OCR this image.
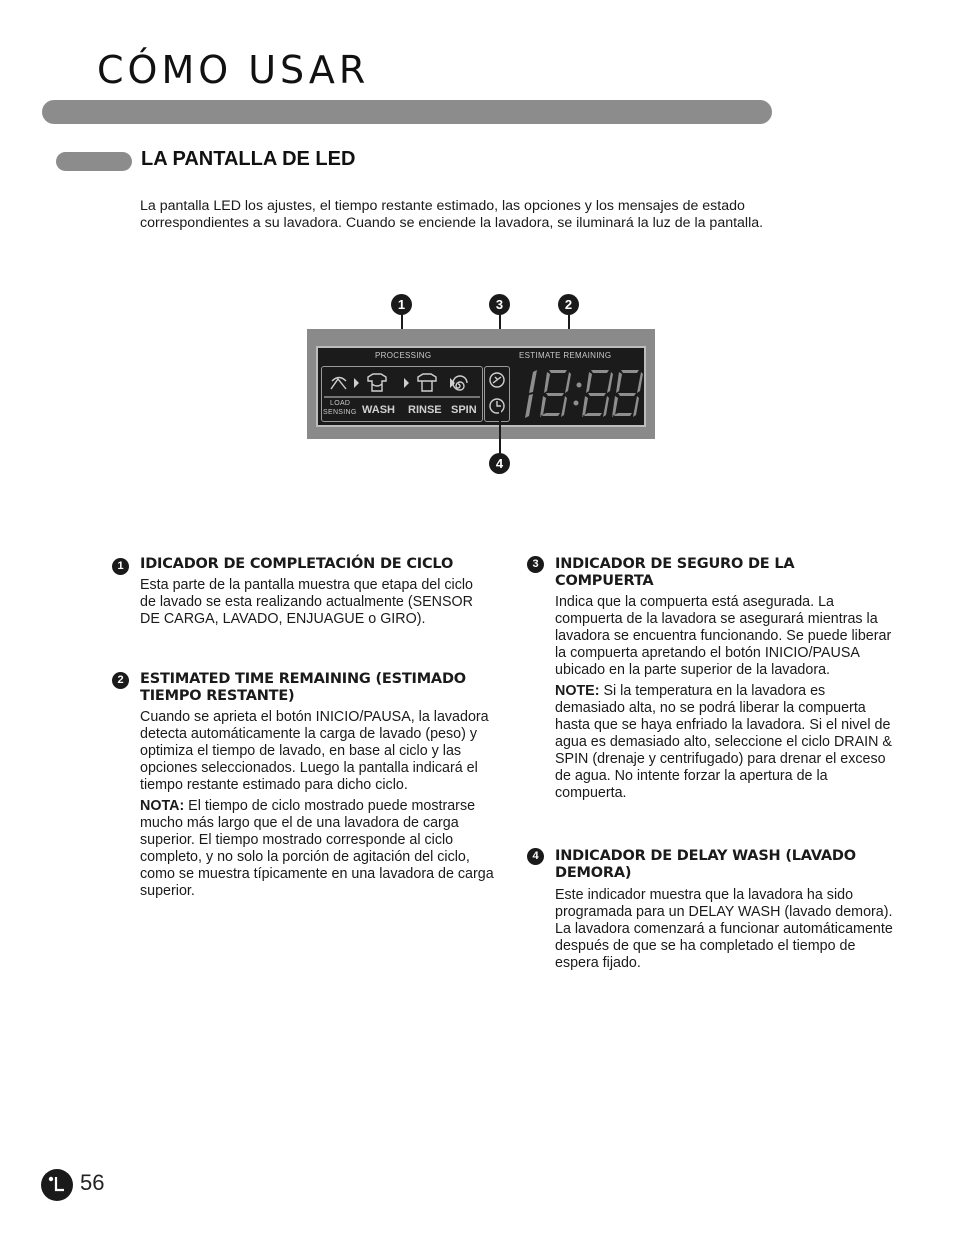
CÓMO USAR
LA PANTALLA DE LED
La pantalla LED los ajustes, el tiempo restante estimado, las opciones y los mensajes de estado correspondientes a su lavadora. Cuando se enciende la lavadora, se iluminará la luz de la pantalla.
1	3	2
PROCESSING	ESTIMATE REMAINING
LOAD
SENSING WASH RINSE SPIN
4
1	IDICADOR DE COMPLETACIÓN DE CICLO

Esta parte de la pantalla muestra que etapa del ciclo de lavado se esta realizando actualmente (SENSOR DE CARGA, LAVADO, ENJUAGUE o GIRO).

2	ESTIMATED TIME REMAINING (ESTIMADO TIEMPO RESTANTE)

Cuando se aprieta el botón INICIO/PAUSA, la lavadora detecta automáticamente la carga de lavado (peso) y optimiza el tiempo de lavado, en base al ciclo y las opciones seleccionados. Luego la pantalla indicará el tiempo restante estimado para dicho ciclo.

NOTA: El tiempo de ciclo mostrado puede mostrarse mucho más largo que el de una lavadora de carga superior. El tiempo mostrado corresponde al ciclo completo, y no solo la porción de agitación del ciclo, como se muestra típicamente en una lavadora de carga superior.

3	INDICADOR DE SEGURO DE LA COMPUERTA

Indica que la compuerta está asegurada. La compuerta de la lavadora se asegurará mientras la lavadora se encuentra funcionando. Se puede liberar la compuerta apretando el botón INICIO/PAUSA ubicado en la parte superior de la lavadora.

NOTE: Si la temperatura en la lavadora es demasiado alta, no se podrá liberar la compuerta hasta que se haya enfriado la lavadora. Si el nivel de agua es demasiado alto, seleccione el ciclo DRAIN & SPIN (drenaje y centrifugado) para drenar el exceso de agua. No intente forzar la apertura de la compuerta.

4	INDICADOR DE DELAY WASH (LAVADO DEMORA)

Este indicador muestra que la lavadora ha sido programada para un DELAY WASH (lavado demora). La lavadora comenzará a funcionar automáticamente después de que se ha completado el tiempo de espera fijado.

56
